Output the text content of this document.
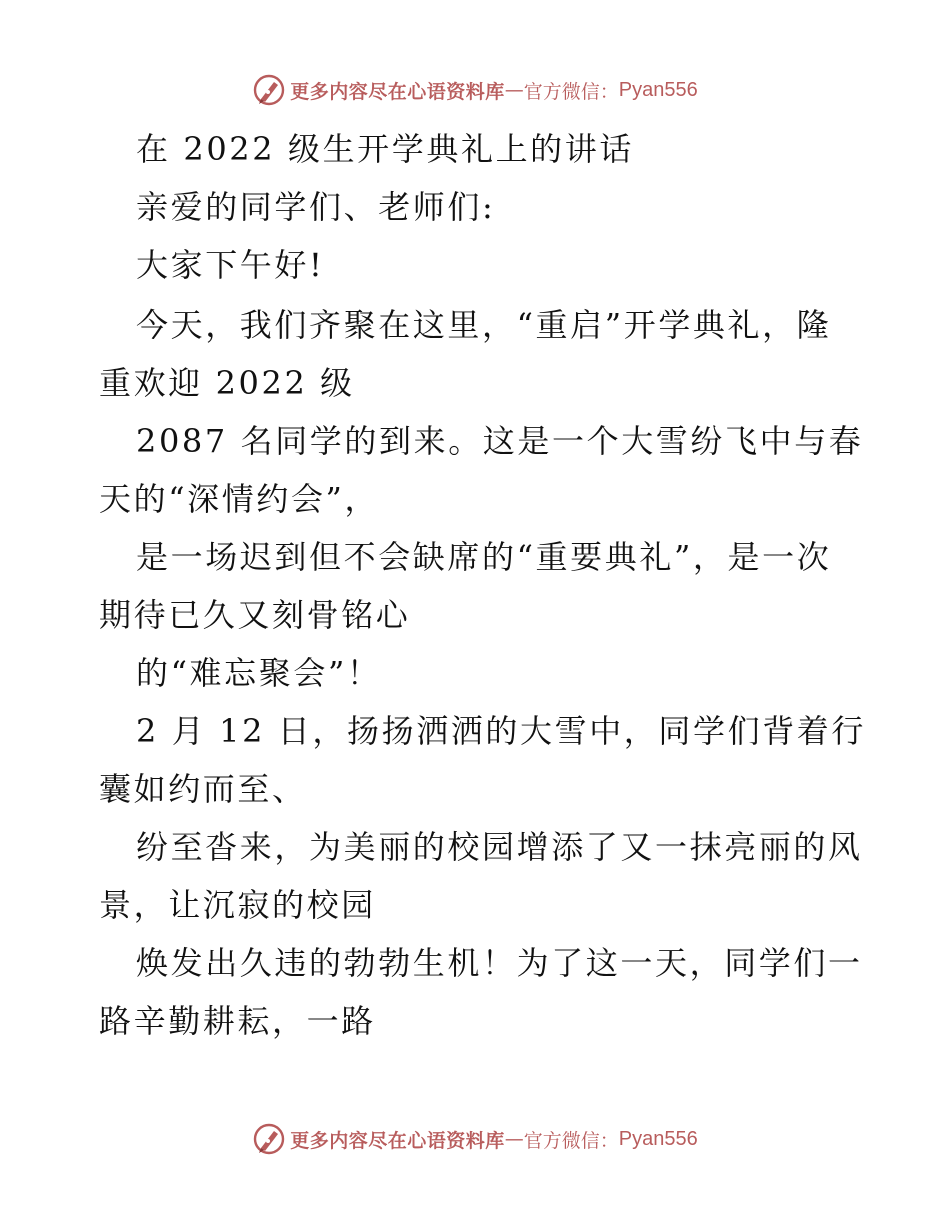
更多内容尽在心语资料库 — 官方微信： Pyan556
在 2022 级生开学典礼上的讲话
亲爱的同学们、老师们:
大家下午好!
今天，我们齐聚在这里，“重启”开学典礼，隆
重欢迎 2022 级
2087 名同学的到来。这是一个大雪纷飞中与春
天的“深情约会”，
是一场迟到但不会缺席的“重要典礼”，是一次
期待已久又刻骨铭心
的“难忘聚会”！
2 月 12 日，扬扬洒洒的大雪中，同学们背着行
囊如约而至、
纷至沓来，为美丽的校园增添了又一抹亮丽的风
景，让沉寂的校园
焕发出久违的勃勃生机！为了这一天，同学们一
路辛勤耕耘，一路
更多内容尽在心语资料库 — 官方微信： Pyan556
